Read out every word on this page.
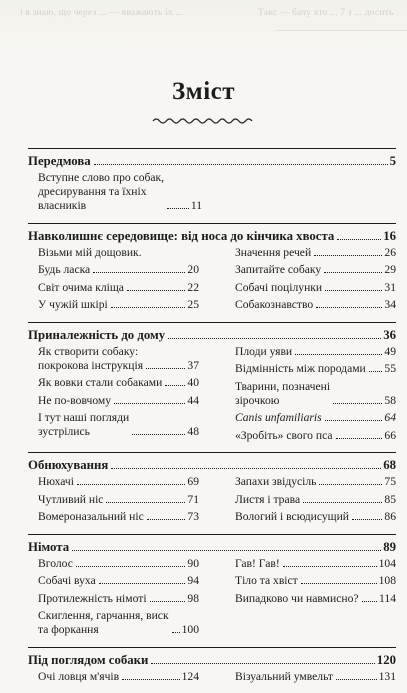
і я знаю, що через ... — вважають їх ...	Такс — бачу хто ... 7 з ... досить
Зміст
Передмова	5
Вступне слово про собак,
дресирування та їхніх
власників	11
Навколишнє середовище: від носа до кінчика хвоста	16
Візьми мій дощовик.
Будь ласка	20
Світ очима кліща	22
У чужій шкірі	25
Значення речей	26
Запитайте собаку	29
Собачі поцілунки	31
Собакознавство	34
Приналежність до дому	36
Як створити собаку:
покрокова інструкція	37
Як вовки стали собаками 40
Не по-вовчому	44
І тут наші погляди
зустрілись	48
Плоди уяви	49
Відмінність між породами 55
Тварини, позначені
зірочкою	58
Canis unfamiliaris	64
«Зробіть» свого пса	66
Обнюхування	68
Нюхачі	69
Чутливий ніс	71
Вомероназальний ніс	73
Запахи звідусіль	75
Листя і трава	85
Вологий і всюдисущий	86
Німота	89
Вголос	90
Собачі вуха	94
Протилежність німоті	98
Скиглення, гарчання, виск
та форкання	100
Гав! Гав!	104
Тіло та хвіст	108
Випадково чи навмисно? 114
Під поглядом собаки	120
Очі ловця м'ячів	124	Візуальний умвельт	131
